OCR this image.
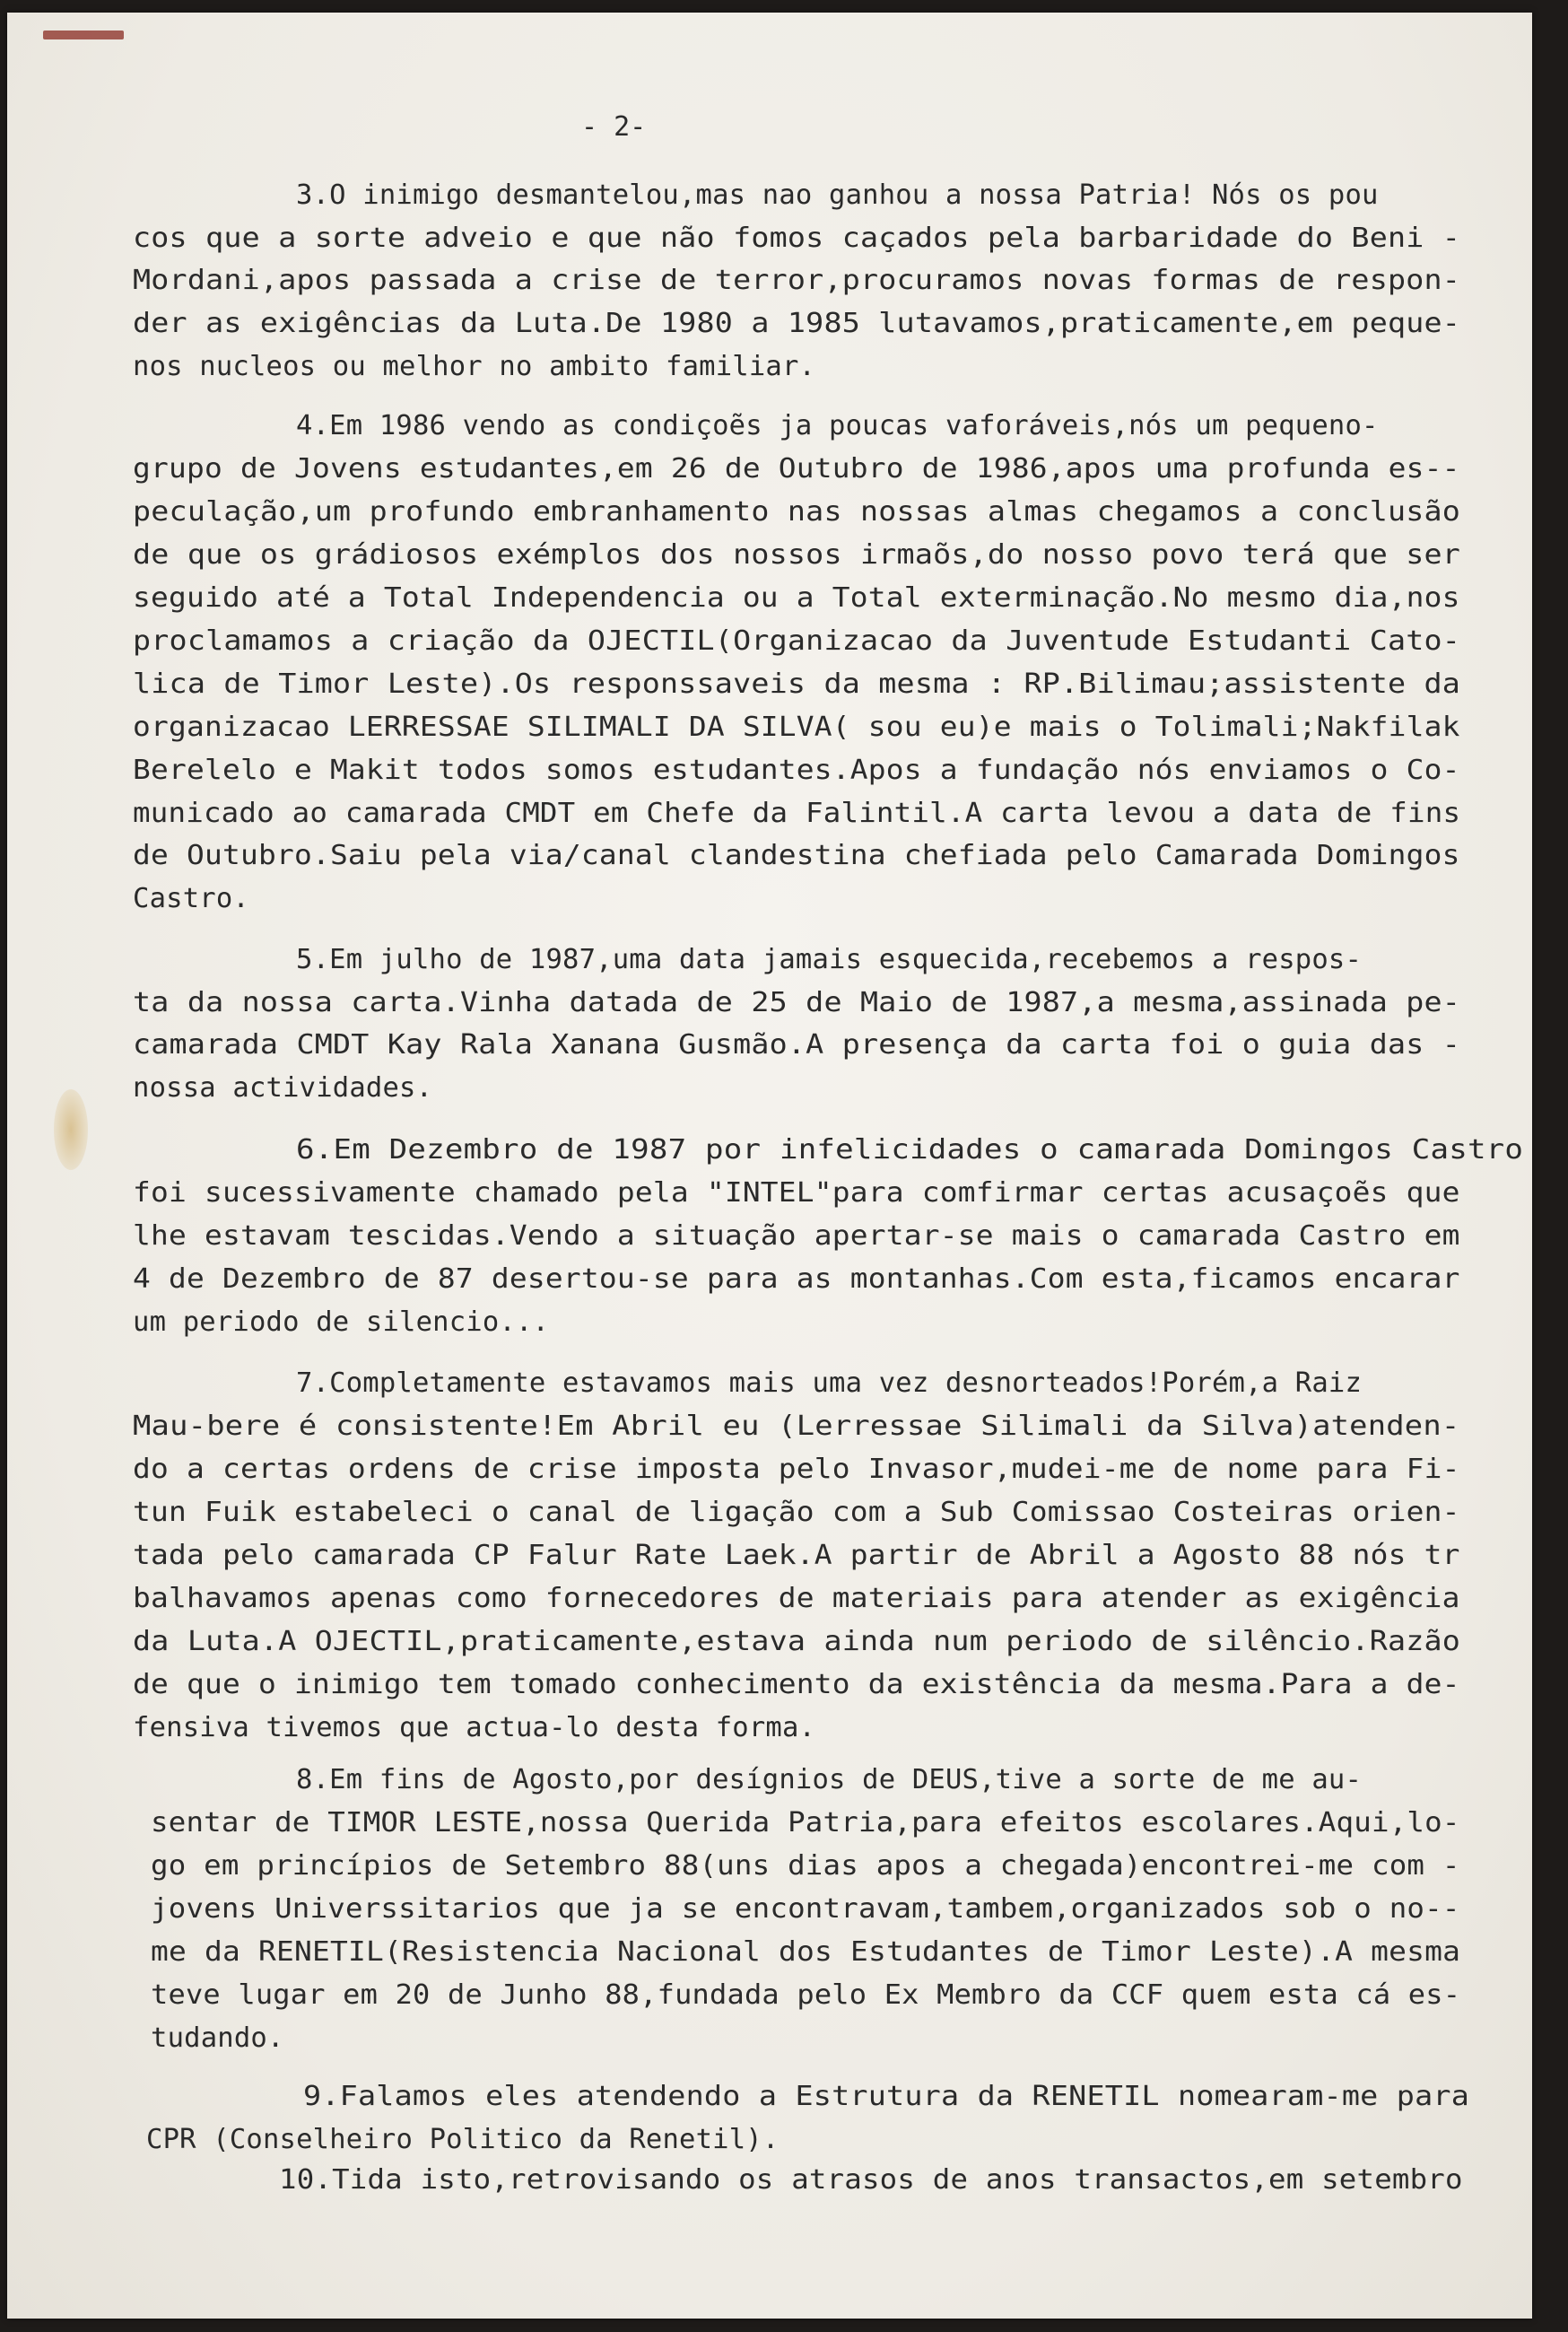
- 2-
3.O inimigo desmantelou,mas nao ganhou a nossa Patria! Nós os pou
cos que a sorte adveio e que não fomos caçados pela barbaridade do Beni -
Mordani,apos passada a crise de terror,procuramos novas formas de respon-
der as exigências da Luta.De 1980 a 1985 lutavamos,praticamente,em peque-
nos nucleos ou melhor no ambito familiar.
4.Em 1986 vendo as condiçoẽs ja poucas vaforáveis,nós um pequeno-
grupo de Jovens estudantes,em 26 de Outubro de 1986,apos uma profunda es--
peculação,um profundo embranhamento nas nossas almas chegamos a conclusão
de que os grádiosos exémplos dos nossos irmaõs,do nosso povo terá que ser
seguido até a Total Independencia ou a Total exterminação.No mesmo dia,nos
proclamamos a criação da OJECTIL(Organizacao da Juventude Estudanti Cato-
lica de Timor Leste).Os responssaveis da mesma : RP.Bilimau;assistente da
organizacao LERRESSAE SILIMALI DA SILVA( sou eu)e mais o Tolimali;Nakfilak
Berelelo e Makit todos somos estudantes.Apos a fundação nós enviamos o Co-
municado ao camarada CMDT em Chefe da Falintil.A carta levou a data de fins
de Outubro.Saiu pela via/canal clandestina chefiada pelo Camarada Domingos
Castro.
5.Em julho de 1987,uma data jamais esquecida,recebemos a respos-
ta da nossa carta.Vinha datada de 25 de Maio de 1987,a mesma,assinada pe-
camarada CMDT Kay Rala Xanana Gusmão.A presença da carta foi o guia das -
nossa actividades.
6.Em Dezembro de 1987 por infelicidades o camarada Domingos Castro
foi sucessivamente chamado pela "INTEL"para comfirmar certas acusaçoẽs que
lhe estavam tescidas.Vendo a situação apertar-se mais o camarada Castro em
4 de Dezembro de 87 desertou-se para as montanhas.Com esta,ficamos encarar
um periodo de silencio...
7.Completamente estavamos mais uma vez desnorteados!Porém,a Raiz
Mau-bere é consistente!Em Abril eu (Lerressae Silimali da Silva)atenden-
do a certas ordens de crise imposta pelo Invasor,mudei-me de nome para Fi-
tun Fuik estabeleci o canal de ligação com a Sub Comissao Costeiras orien-
tada pelo camarada CP Falur Rate Laek.A partir de Abril a Agosto 88 nós tr
balhavamos apenas como fornecedores de materiais para atender as exigência
da Luta.A OJECTIL,praticamente,estava ainda num periodo de silêncio.Razão
de que o inimigo tem tomado conhecimento da existência da mesma.Para a de-
fensiva tivemos que actua-lo desta forma.
8.Em fins de Agosto,por desígnios de DEUS,tive a sorte de me au-
sentar de TIMOR LESTE,nossa Querida Patria,para efeitos escolares.Aqui,lo-
go em princípios de Setembro 88(uns dias apos a chegada)encontrei-me com -
jovens Universsitarios que ja se encontravam,tambem,organizados sob o no--
me da RENETIL(Resistencia Nacional dos Estudantes de Timor Leste).A mesma
teve lugar em 20 de Junho 88,fundada pelo Ex Membro da CCF quem esta cá es-
tudando.
9.Falamos eles atendendo a Estrutura da RENETIL nomearam-me para
CPR (Conselheiro Politico da Renetil).
10.Tida isto,retrovisando os atrasos de anos transactos,em setembro
